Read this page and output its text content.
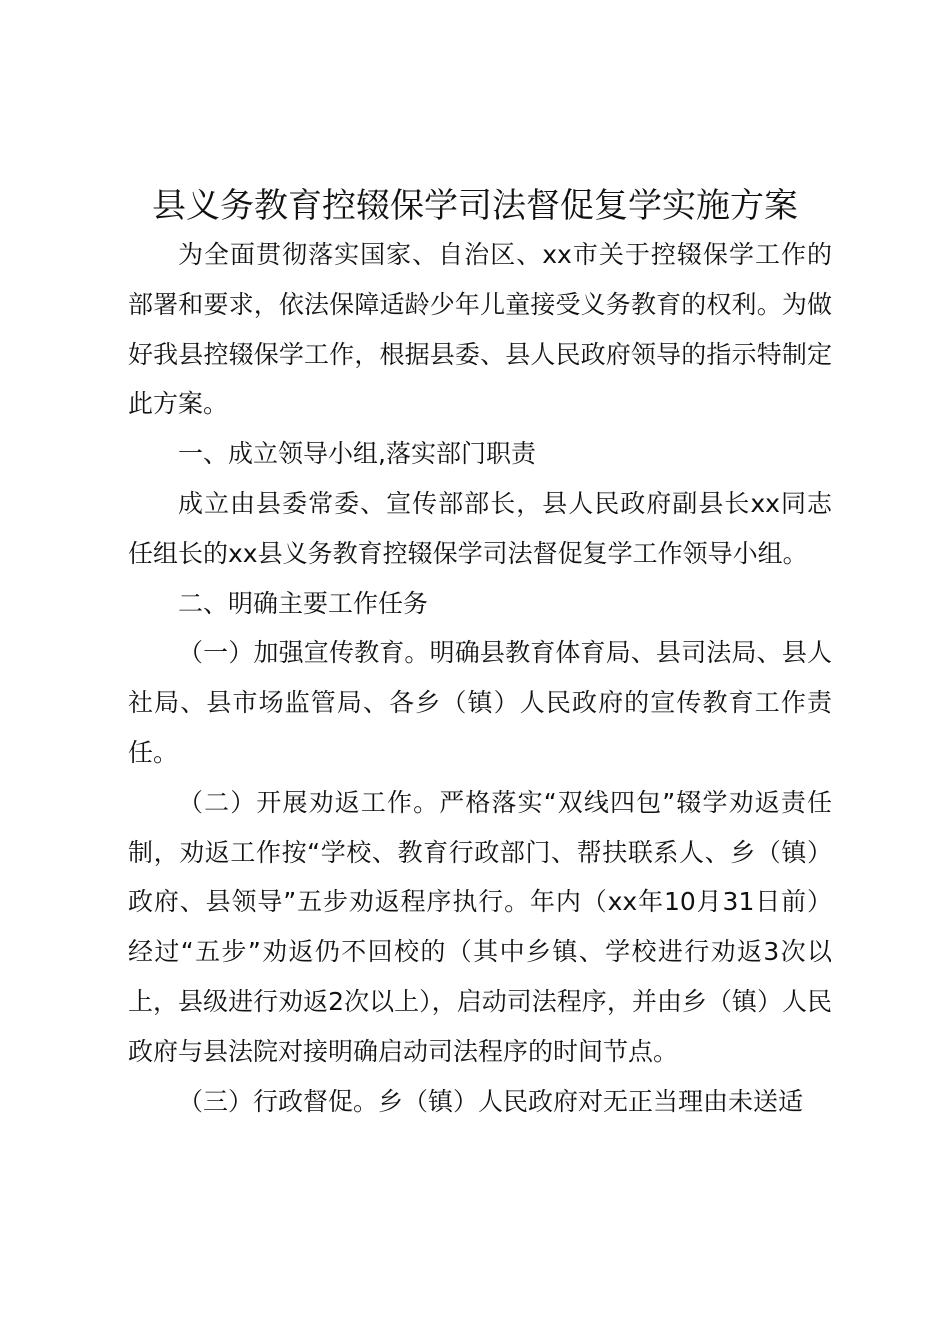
县义务教育控辍保学司法督促复学实施方案

为全面贯彻落实国家、自治区、xx市关于控辍保学工作的部署和要求，依法保障适龄少年儿童接受义务教育的权利。为做好我县控辍保学工作，根据县委、县人民政府领导的指示特制定此方案。

一、成立领导小组,落实部门职责

成立由县委常委、宣传部部长，县人民政府副县长xx同志任组长的xx县义务教育控辍保学司法督促复学工作领导小组。

二、明确主要工作任务

（一）加强宣传教育。明确县教育体育局、县司法局、县人社局、县市场监管局、各乡（镇）人民政府的宣传教育工作责任。

（二）开展劝返工作。严格落实“双线四包”辍学劝返责任制，劝返工作按“学校、教育行政部门、帮扶联系人、乡（镇）政府、县领导”五步劝返程序执行。年内（xx年10月31日前）经过“五步”劝返仍不回校的（其中乡镇、学校进行劝返3次以上，县级进行劝返2次以上），启动司法程序，并由乡（镇）人民政府与县法院对接明确启动司法程序的时间节点。

（三）行政督促。乡（镇）人民政府对无正当理由未送适
